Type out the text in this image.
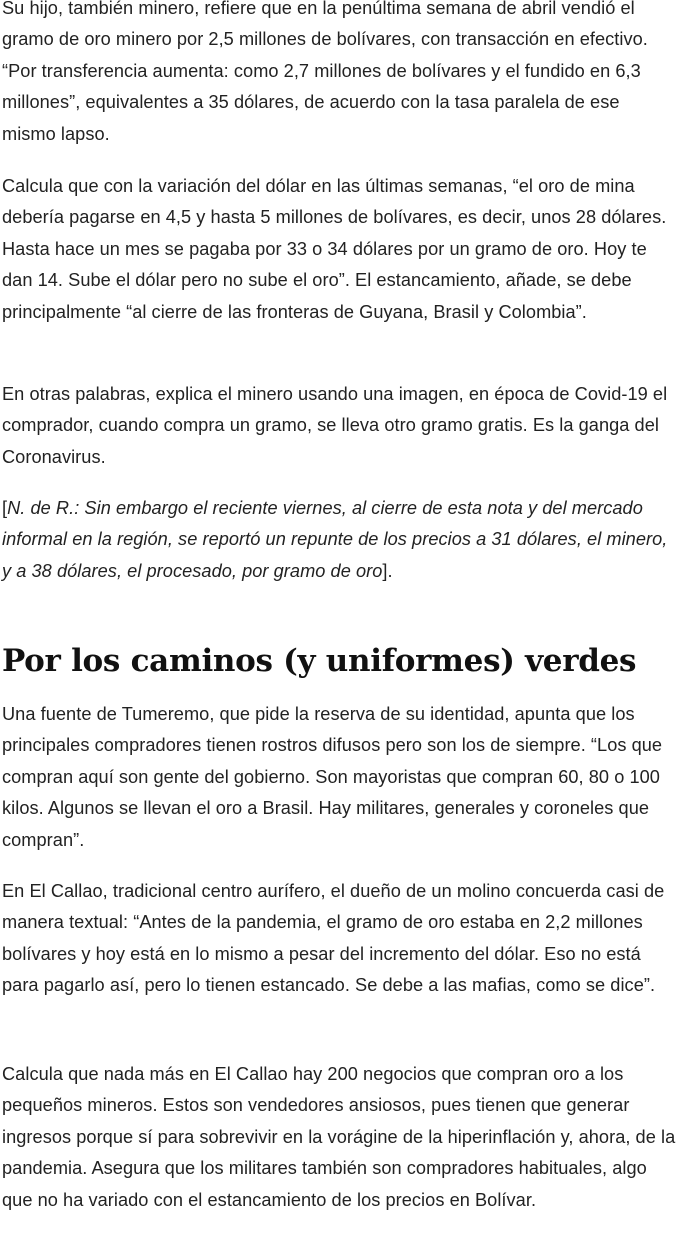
Su hijo, también minero, refiere que en la penúltima semana de abril vendió el gramo de oro minero por 2,5 millones de bolívares, con transacción en efectivo. “Por transferencia aumenta: como 2,7 millones de bolívares y el fundido en 6,3 millones”, equivalentes a 35 dólares, de acuerdo con la tasa paralela de ese mismo lapso.

Calcula que con la variación del dólar en las últimas semanas, “el oro de mina debería pagarse en 4,5 y hasta 5 millones de bolívares, es decir, unos 28 dólares. Hasta hace un mes se pagaba por 33 o 34 dólares por un gramo de oro. Hoy te dan 14. Sube el dólar pero no sube el oro”. El estancamiento, añade, se debe principalmente “al cierre de las fronteras de Guyana, Brasil y Colombia”.

En otras palabras, explica el minero usando una imagen, en época de Covid-19 el comprador, cuando compra un gramo, se lleva otro gramo gratis. Es la ganga del Coronavirus.

[N. de R.: Sin embargo el reciente viernes, al cierre de esta nota y del mercado informal en la región, se reportó un repunte de los precios a 31 dólares, el minero, y a 38 dólares, el procesado, por gramo de oro].

Por los caminos (y uniformes) verdes

Una fuente de Tumeremo, que pide la reserva de su identidad, apunta que los principales compradores tienen rostros difusos pero son los de siempre. “Los que compran aquí son gente del gobierno. Son mayoristas que compran 60, 80 o 100 kilos. Algunos se llevan el oro a Brasil. Hay militares, generales y coroneles que compran”.

En El Callao, tradicional centro aurífero, el dueño de un molino concuerda casi de manera textual: “Antes de la pandemia, el gramo de oro estaba en 2,2 millones bolívares y hoy está en lo mismo a pesar del incremento del dólar. Eso no está para pagarlo así, pero lo tienen estancado. Se debe a las mafias, como se dice”.

Calcula que nada más en El Callao hay 200 negocios que compran oro a los pequeños mineros. Estos son vendedores ansiosos, pues tienen que generar ingresos porque sí para sobrevivir en la vorágine de la hiperinflación y, ahora, de la pandemia. Asegura que los militares también son compradores habituales, algo que no ha variado con el estancamiento de los precios en Bolívar.
